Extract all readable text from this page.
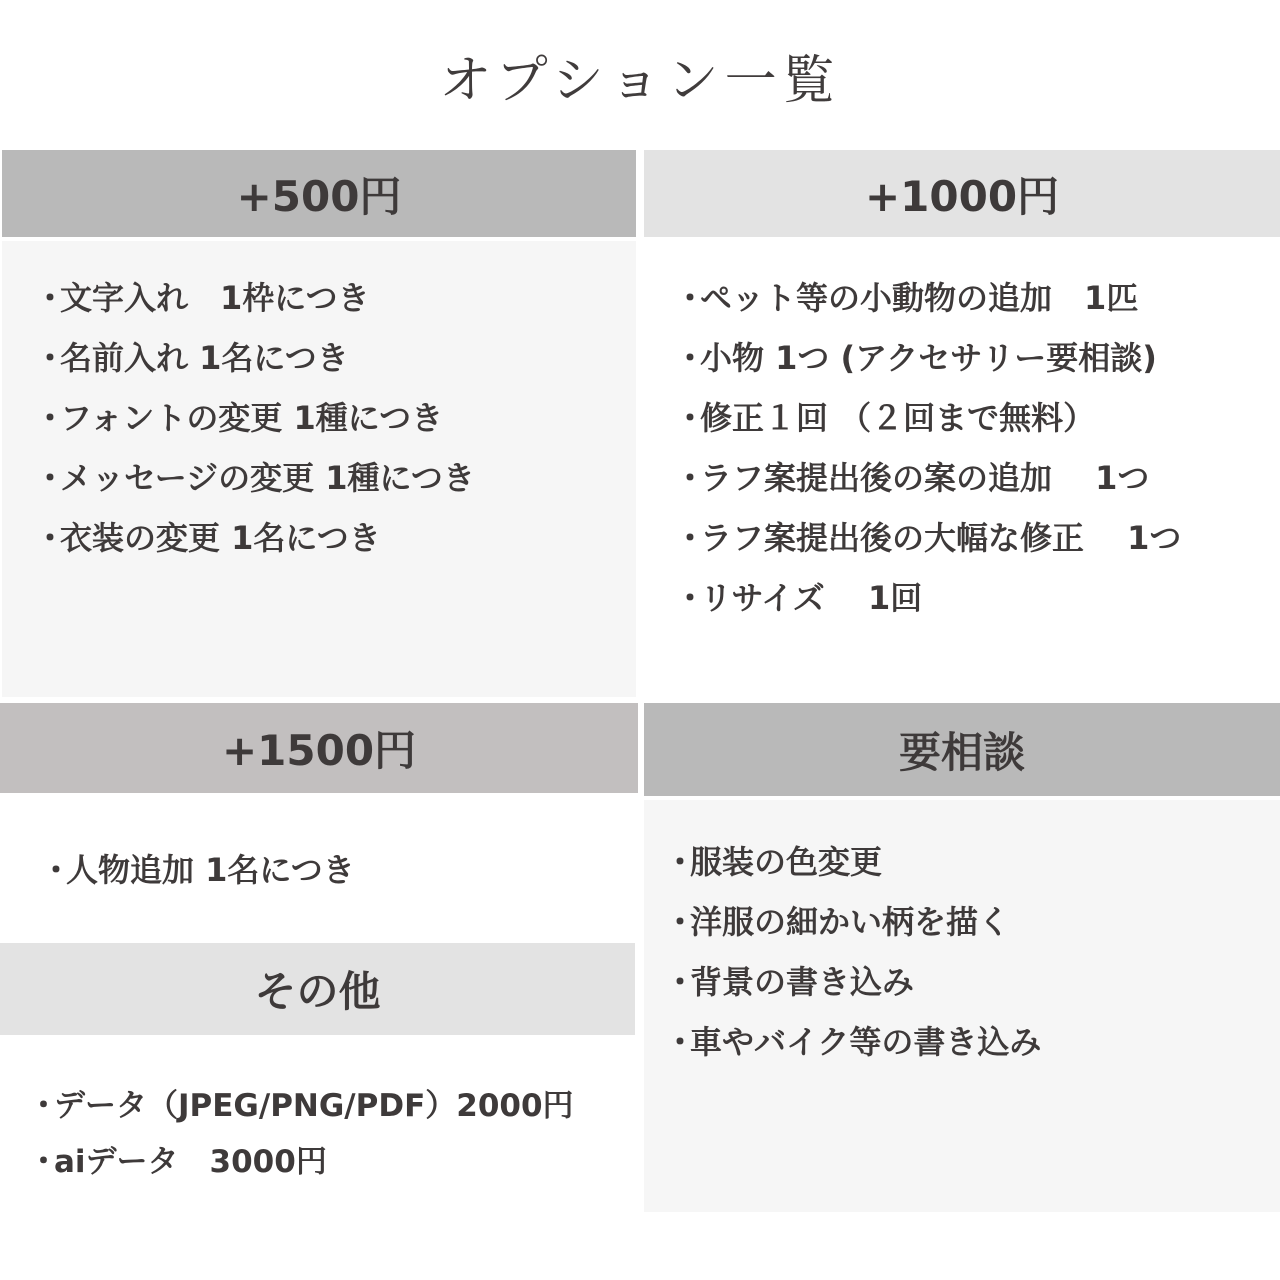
オプション一覧
+500円
・文字入れ　1枠につき
・名前入れ 1名につき
・フォントの変更 1種につき
・メッセージの変更 1種につき
・衣装の変更 1名につき
+1000円
・ペット等の小動物の追加　1匹
・小物 1つ (アクセサリー要相談)
・修正１回 （２回まで無料）
・ラフ案提出後の案の追加　 1つ
・ラフ案提出後の大幅な修正　 1つ
・リサイズ　 1回
+1500円
・人物追加 1名につき
要相談
・服装の色変更
・洋服の細かい柄を描く
・背景の書き込み
・車やバイク等の書き込み
その他
・データ（JPEG/PNG/PDF）2000円
・aiデータ　3000円
